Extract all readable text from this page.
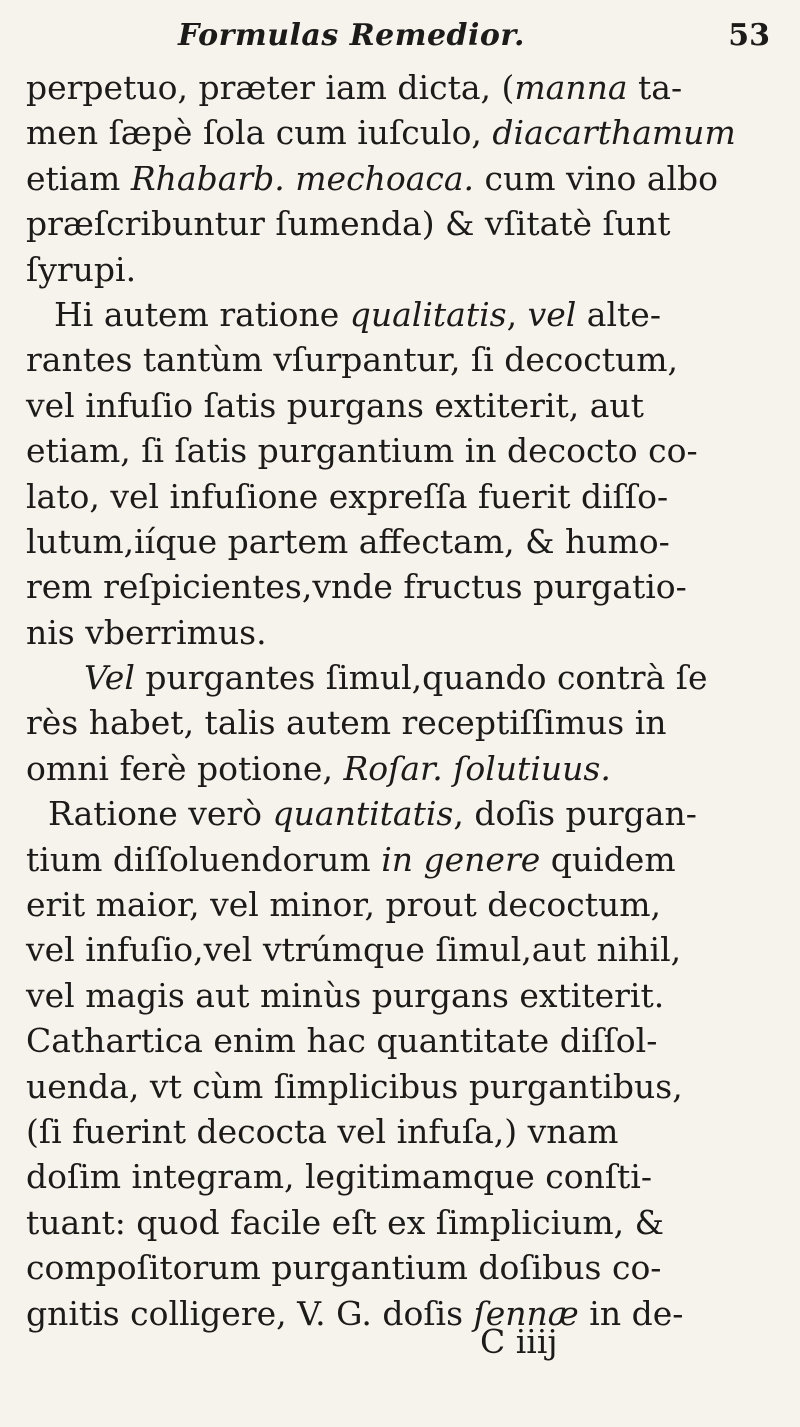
Formulas Remedior.	53
perpetuo, præter iam dicta, (manna ta-
men ſæpè ſola cum iuſculo, diacarthamum
etiam Rhabarb. mechoaca. cum vino albo
præſcribuntur ſumenda) & vſitatè ſunt
ſyrupi.
Hi autem ratione qualitatis, vel alte-
rantes tantùm vſurpantur, ſi decoctum,
vel infuſio ſatis purgans extiterit, aut
etiam, ſi ſatis purgantium in decocto co-
lato, vel infuſione expreſſa fuerit diſſo-
lutum,iíque partem affectam, & humo-
rem reſpicientes,vnde fructus purgatio-
nis vberrimus.
Vel purgantes ſimul,quando contrà ſe
rès habet, talis autem receptiſſimus in
omni ferè potione, Roſar. ſolutiuus.
Ratione verò quantitatis, doſis purgan-
tium diſſoluendorum in genere quidem
erit maior, vel minor, prout decoctum,
vel infuſio,vel vtrúmque ſimul,aut nihil,
vel magis aut minùs purgans extiterit.
Cathartica enim hac quantitate diſſol-
uenda, vt cùm ſimplicibus purgantibus,
(ſi fuerint decocta vel infuſa,) vnam
doſim integram, legitimamque conſti-
tuant: quod facile eſt ex ſimplicium, &
compoſitorum purgantium doſibus co-
gnitis colligere, V. G. doſis ſennæ in de-
C iiij
